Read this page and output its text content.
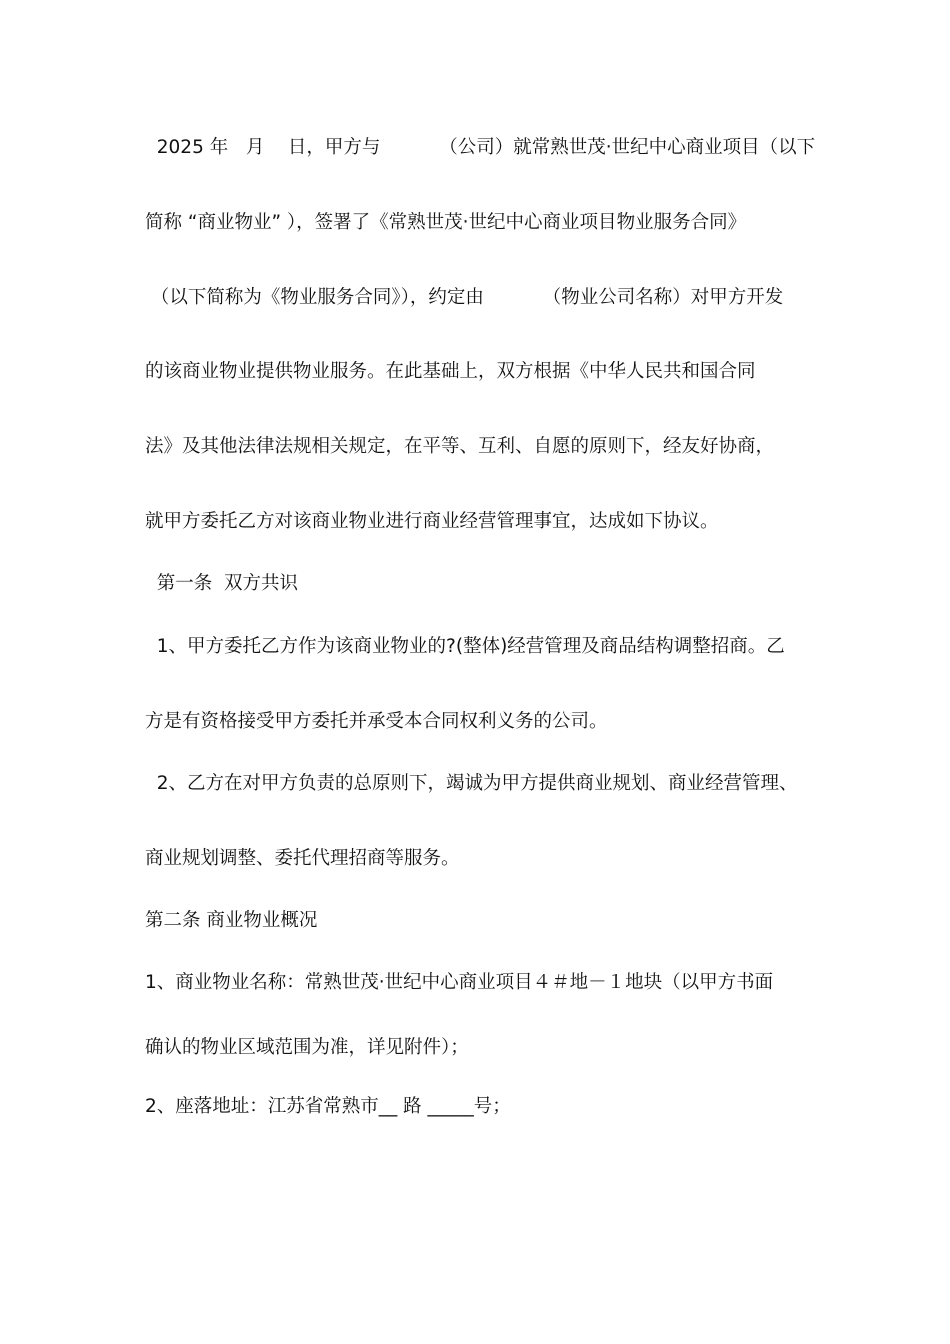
2025 年   月    日，甲方与          （公司）就常熟世茂·世纪中心商业项目（以下

简称 “商业物业” ），签署了《常熟世茂·世纪中心商业项目物业服务合同》

（以下简称为《物业服务合同》），约定由          （物业公司名称）对甲方开发

的该商业物业提供物业服务。在此基础上，双方根据《中华人民共和国合同

法》及其他法律法规相关规定，在平等、互利、自愿的原则下，经友好协商，

就甲方委托乙方对该商业物业进行商业经营管理事宜，达成如下协议。

第一条  双方共识

1、甲方委托乙方作为该商业物业的?(整体)经营管理及商品结构调整招商。乙

方是有资格接受甲方委托并承受本合同权利义务的公司。

2、乙方在对甲方负责的总原则下，竭诚为甲方提供商业规划、商业经营管理、

商业规划调整、委托代理招商等服务。

第二条 商业物业概况

1、商业物业名称：常熟世茂·世纪中心商业项目４＃地－１地块（以甲方书面

确认的物业区域范围为准，详见附件）；

2、座落地址：江苏省常熟市__ 路 _____号；
